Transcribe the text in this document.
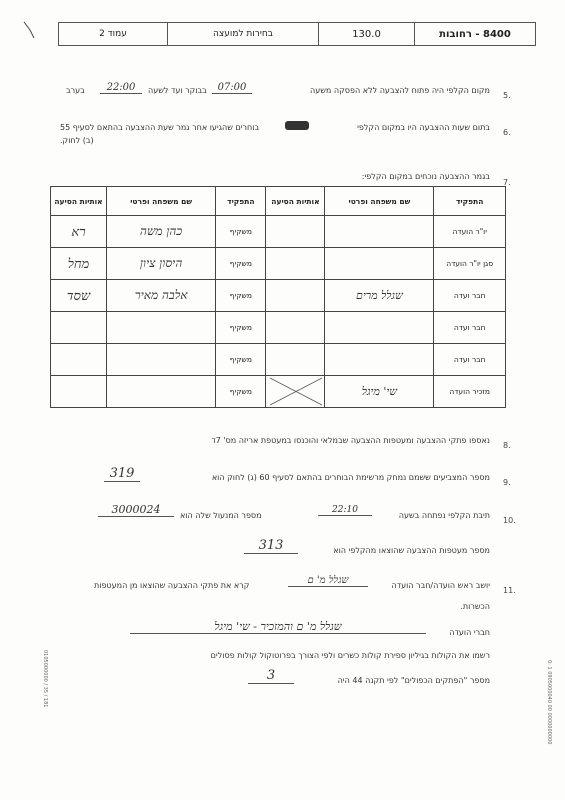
8400 - רחובות
130.0
בחירות למועצה
עמוד 2
5.
מקום הקלפי היה פתוח להצבעה ללא הפסקה משעה
07:00
בבוקר ועד לשעה
22:00
בערב
6.
בתום שעות ההצבעה היו במקום הקלפי
בוחרים שהגיעו אחר גמר שעת ההצבעה בהתאם לסעיף 55
(ב) לחוק.
7.
בגמר ההצבעה נוכחים במקום הקלפי:
התפקיד	שם משפחה ופרטי	אותיות הסיעה	התפקיד	שם משפחה ופרטי	אותיות הסיעה
יו"ר הועדה			משקיף	כהן משה	רא
סגן יו"ר הועדה			משקיף	היסון ציון	מחל
חבר ועדה	שגלל מרים		משקיף	אלבה מאיר	שסד
חבר ועדה			משקיף		
חבר ועדה			משקיף		
מזכיר הועדה	שי' מיגל		משקיף		
8.
נאספו פתקי ההצבעה ומעטפות ההצבעה שבמלאי והוכנסו במעטפת אריזה מס' 7ד
9.
מספר המצביעים ששמם נמחק מרשימת הבוחרים בהתאם לסעיף 60 (ג) לחוק הוא
319
10.
תיבת הקלפי נפתחה בשעה
22:10
מספר המנעול שלה הוא
3000024
מספר מעטפות ההצבעה שהוצאו מהקלפי הוא
313
11.
יושב ראש הועדה/חבר הועדה
שגלל מ' ם
קרא את פתקי ההצבעה שהוצאו מן המעטפות
הכשרות.
חברי הועדה
שגלל מ' ם והמזכיר - שי' מיגל
רשמו את הקולות בגיליון ספירת קולות כשרים ולפי הצורך בפרוטוקול קולות פסולים
מספר "הפתקים הכפולים" לפי תקנה 44 היה
3
0105000000 / 35 / 181	0: 1 0905000040 00 0000000000
